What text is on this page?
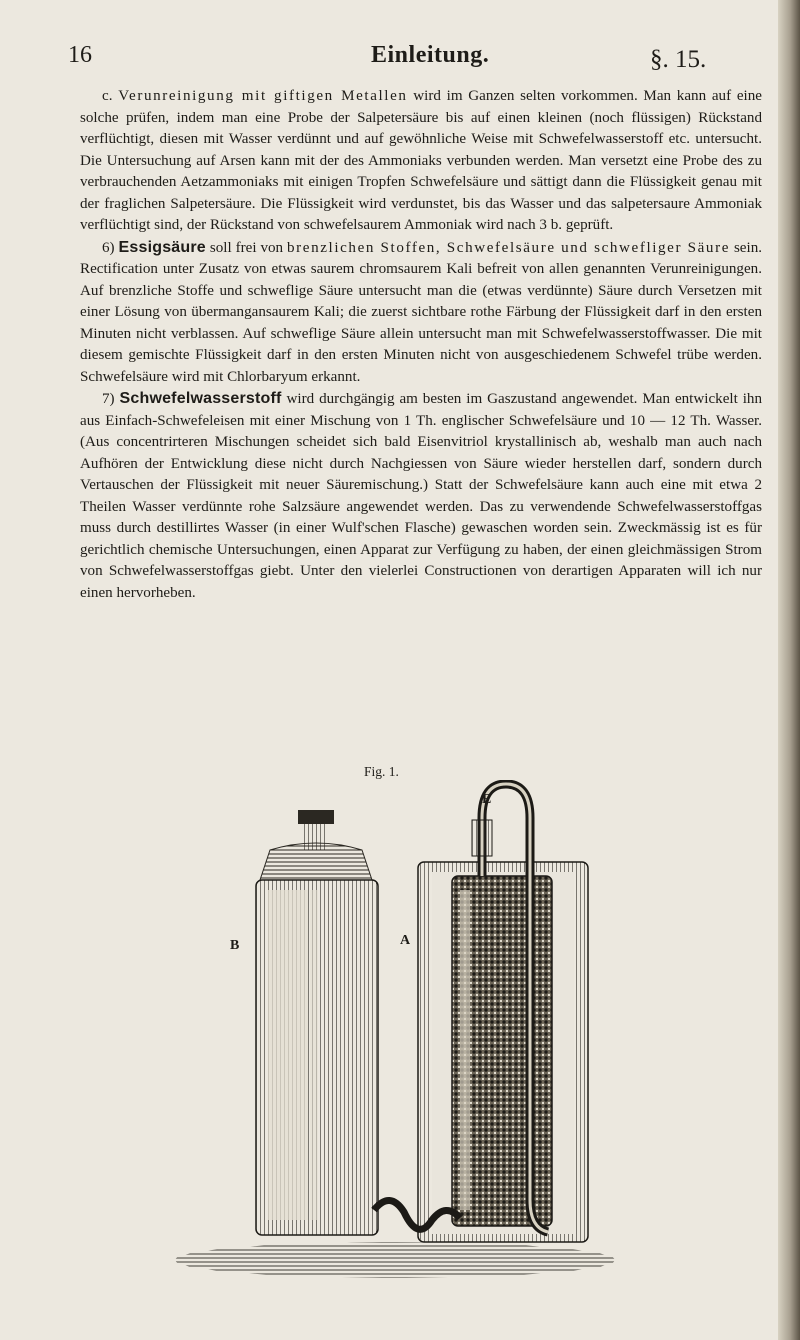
16	Einleitung.	§. 15.

c. Verunreinigung mit giftigen Metallen wird im Ganzen selten vorkommen. Man kann auf eine solche prüfen, indem man eine Probe der Salpetersäure bis auf einen kleinen (noch flüssigen) Rückstand verflüchtigt, diesen mit Wasser verdünnt und auf gewöhnliche Weise mit Schwefelwasserstoff etc. untersucht. Die Untersuchung auf Arsen kann mit der des Ammoniaks verbunden werden. Man versetzt eine Probe des zu verbrauchenden Aetzammoniaks mit einigen Tropfen Schwefelsäure und sättigt dann die Flüssigkeit genau mit der fraglichen Salpetersäure. Die Flüssigkeit wird verdunstet, bis das Wasser und das salpetersaure Ammoniak verflüchtigt sind, der Rückstand von schwefelsaurem Ammoniak wird nach 3 b. geprüft.

6) Essigsäure soll frei von brenzlichen Stoffen, Schwefelsäure und schwefliger Säure sein. Rectification unter Zusatz von etwas saurem chromsaurem Kali befreit von allen genannten Verunreinigungen. Auf brenzliche Stoffe und schweflige Säure untersucht man die (etwas verdünnte) Säure durch Versetzen mit einer Lösung von übermangansaurem Kali; die zuerst sichtbare rothe Färbung der Flüssigkeit darf in den ersten Minuten nicht verblassen. Auf schweflige Säure allein untersucht man mit Schwefelwasserstoffwasser. Die mit diesem gemischte Flüssigkeit darf in den ersten Minuten nicht von ausgeschiedenem Schwefel trübe werden. Schwefelsäure wird mit Chlorbaryum erkannt.

7) Schwefelwasserstoff wird durchgängig am besten im Gaszustand angewendet. Man entwickelt ihn aus Einfach-Schwefeleisen mit einer Mischung von 1 Th. englischer Schwefelsäure und 10 — 12 Th. Wasser. (Aus concentrirteren Mischungen scheidet sich bald Eisenvitriol krystallinisch ab, weshalb man auch nach Aufhören der Entwicklung diese nicht durch Nachgiessen von Säure wieder herstellen darf, sondern durch Vertauschen der Flüssigkeit mit neuer Säuremischung.) Statt der Schwefelsäure kann auch eine mit etwa 2 Theilen Wasser verdünnte rohe Salzsäure angewendet werden. Das zu verwendende Schwefelwasserstoffgas muss durch destillirtes Wasser (in einer Wulf'schen Flasche) gewaschen worden sein. Zweckmässig ist es für gerichtlich chemische Untersuchungen, einen Apparat zur Verfügung zu haben, der einen gleichmässigen Strom von Schwefelwasserstoffgas giebt. Unter den vielerlei Constructionen von derartigen Apparaten will ich nur einen hervorheben.

Fig. 1.
B	A
E
